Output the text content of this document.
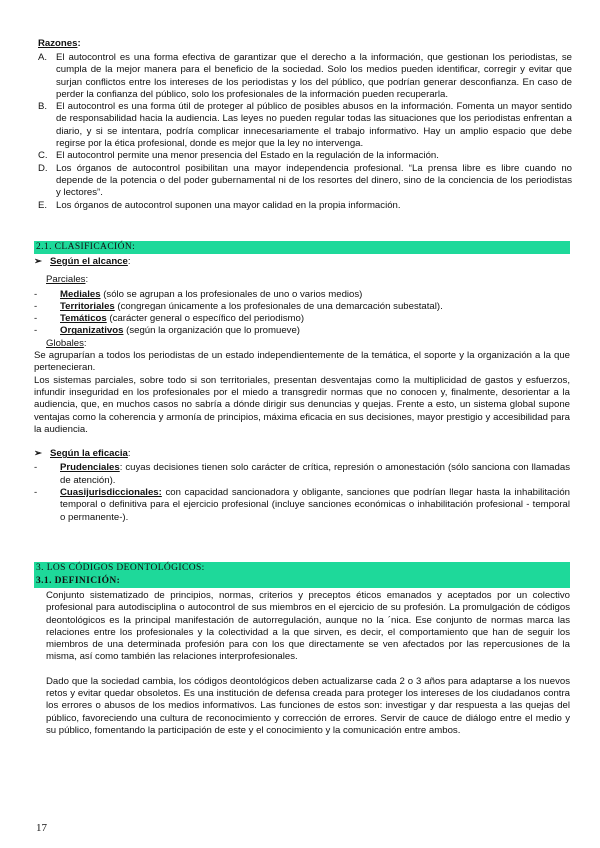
Razones:
A. El autocontrol es una forma efectiva de garantizar que el derecho a la información, que gestionan los periodistas, se cumpla de la mejor manera para el beneficio de la sociedad. Solo los medios pueden identificar, corregir y evitar que surjan conflictos entre los intereses de los periodistas y los del público, que podrían generar desconfianza. En caso de perder la confianza del público, solo los profesionales de la información pueden recuperarla.
B. El autocontrol es una forma útil de proteger al público de posibles abusos en la información. Fomenta un mayor sentido de responsabilidad hacia la audiencia. Las leyes no pueden regular todas las situaciones que los periodistas enfrentan a diario, y si se intentara, podría complicar innecesariamente el trabajo informativo. Hay un amplio espacio que debe regirse por la ética profesional, donde es mejor que la ley no intervenga.
C. El autocontrol permite una menor presencia del Estado en la regulación de la información.
D. Los órganos de autocontrol posibilitan una mayor independencia profesional. “La prensa libre es libre cuando no depende de la potencia o del poder gubernamental ni de los resortes del dinero, sino de la conciencia de los periodistas y lectores”.
E. Los órganos de autocontrol suponen una mayor calidad en la propia información.
2.1. CLASIFICACIÓN:
➢ Según el alcance:
Parciales:
- Mediales (sólo se agrupan a los profesionales de uno o varios medios)
- Territoriales (congregan únicamente a los profesionales de una demarcación subestatal).
- Temáticos (carácter general o específico del periodismo)
- Organizativos (según la organización que lo promueve)
Globales:
Se agruparían a todos los periodistas de un estado independientemente de la temática, el soporte y la organización a la que pertenecieran.
Los sistemas parciales, sobre todo si son territoriales, presentan desventajas como la multiplicidad de gastos y esfuerzos, infundir inseguridad en los profesionales por el miedo a transgredir normas que no conocen y, finalmente, desorientar a la audiencia, que, en muchos casos no sabría a dónde dirigir sus denuncias y quejas. Frente a esto, un sistema global supone ventajas como la coherencia y armonía de principios, máxima eficacia en sus decisiones, mayor prestigio y accesibilidad para la audiencia.
➢ Según la eficacia:
- Prudenciales: cuyas decisiones tienen solo carácter de crítica, represión o amonestación (sólo sanciona con llamadas de atención).
- Cuasijurisdiccionales: con capacidad sancionadora y obligante, sanciones que podrían llegar hasta la inhabilitación temporal o definitiva para el ejercicio profesional (incluye sanciones económicas o inhabilitación profesional - temporal o permanente-).
3. LOS CÓDIGOS DEONTOLÓGICOS:
3.1. DEFINICIÓN:
Conjunto sistematizado de principios, normas, criterios y preceptos éticos emanados y aceptados por un colectivo profesional para autodisciplina o autocontrol de sus miembros en el ejercicio de su profesión. La promulgación de códigos deontológicos es la principal manifestación de autorregulación, aunque no la ´nica. Ese conjunto de normas marca las relaciones entre los profesionales y la colectividad a la que sirven, es decir, el comportamiento que han de seguir los miembros de una determinada profesión para con los que directamente se ven afectados por las repercusiones de la misma, así como también las relaciones interprofesionales.
Dado que la sociedad cambia, los códigos deontológicos deben actualizarse cada 2 o 3 años para adaptarse a los nuevos retos y evitar quedar obsoletos. Es una institución de defensa creada para proteger los intereses de los ciudadanos contra los errores o abusos de los medios informativos. Las funciones de estos son: investigar y dar respuesta a las quejas del público, favoreciendo una cultura de reconocimiento y corrección de errores. Servir de cauce de diálogo entre el medio y su público, fomentando la participación de este y el conocimiento y la comunicación entre ambos.
17
